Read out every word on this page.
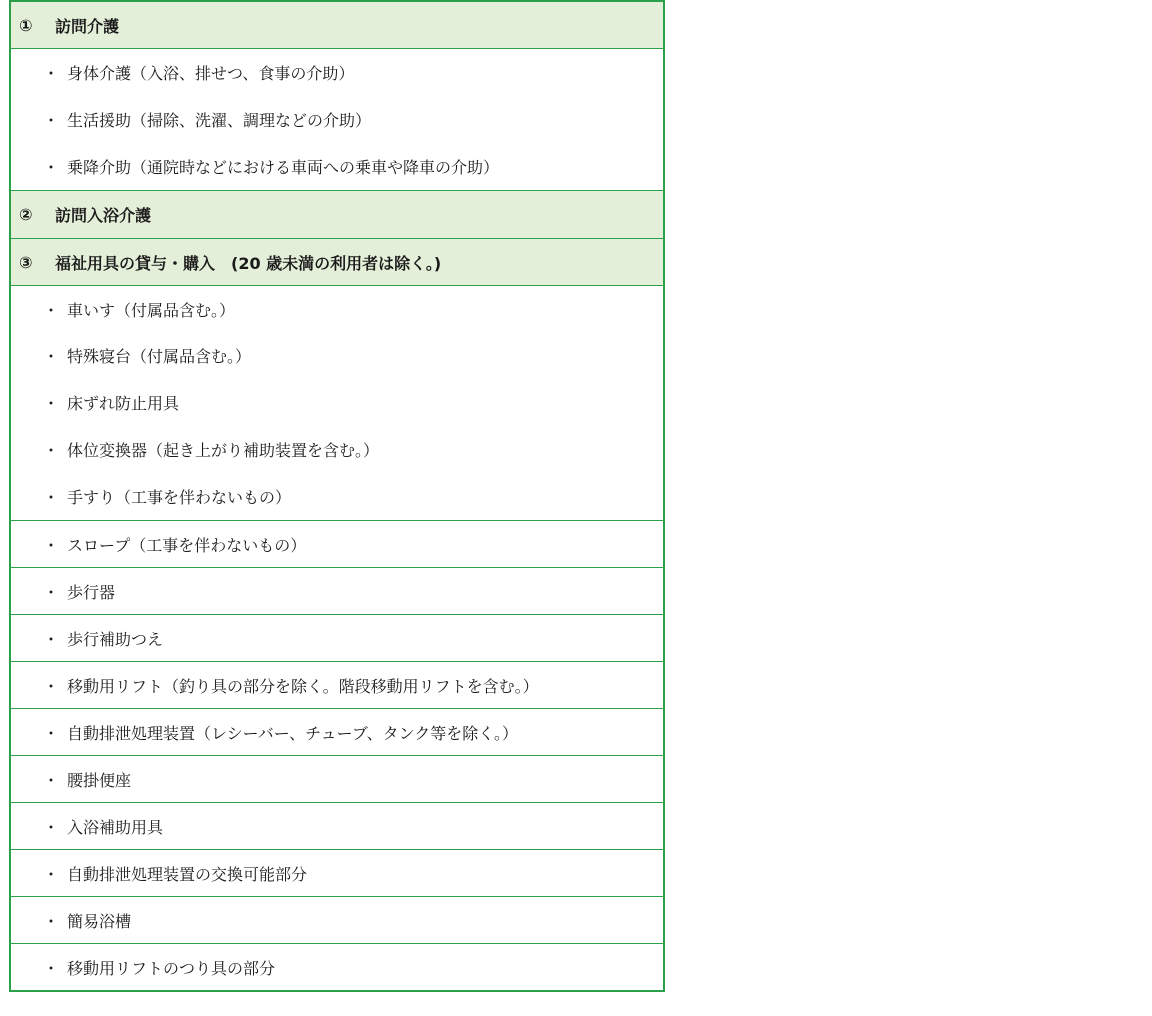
①	訪問介護
・ 身体介護（入浴、排せつ、食事の介助）
・ 生活援助（掃除、洗濯、調理などの介助）
・ 乗降介助（通院時などにおける車両への乗車や降車の介助）
②	訪問入浴介護
③	福祉用具の貸与・購入　(20 歳未満の利用者は除く。)
・ 車いす（付属品含む。）
・ 特殊寝台（付属品含む。）
・ 床ずれ防止用具
・ 体位変換器（起き上がり補助装置を含む。）
・ 手すり（工事を伴わないもの）
・ スロープ（工事を伴わないもの）
・ 歩行器
・ 歩行補助つえ
・ 移動用リフト（釣り具の部分を除く。階段移動用リフトを含む。）
・ 自動排泄処理装置（レシーバー、チューブ、タンク等を除く。）
・ 腰掛便座
・ 入浴補助用具
・ 自動排泄処理装置の交換可能部分
・ 簡易浴槽
・ 移動用リフトのつり具の部分
